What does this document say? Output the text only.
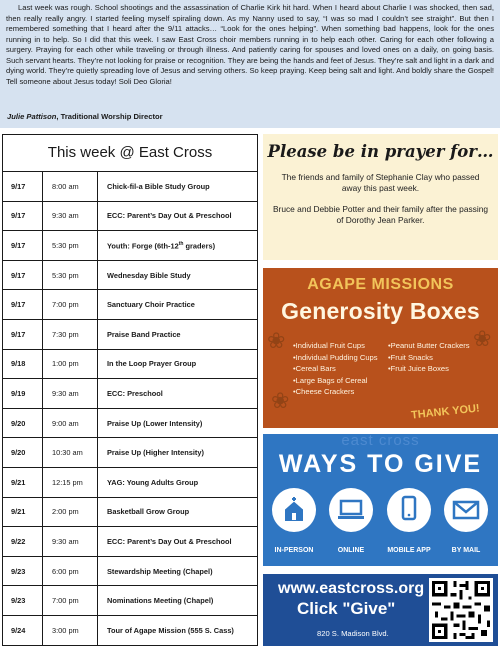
Last week was rough. School shootings and the assassination of Charlie Kirk hit hard. When I heard about Charlie I was shocked, then sad, then really really angry. I started feeling myself spiraling down. As my Nanny used to say, “I was so mad I couldn’t see straight”. But then I remembered something that I heard after the 9/11 attacks… “Look for the ones helping”. When something bad happens, look for the ones running in to help. So I did that this week. I saw East Cross choir members running in to help each other. Caring for each other following a surgery. Praying for each other while traveling or through illness. And patiently caring for spouses and loved ones on a daily, on going basis. Such servant hearts. They’re not looking for praise or recognition. They are being the hands and feet of Jesus. They’re salt and light in a dark and dying world. They’re quietly spreading love of Jesus and serving others. So keep praying. Keep being salt and light. And boldly share the Gospel! Tell someone about Jesus today! Soli Deo Gloria!

Julie Pattison, Traditional Worship Director
This week @ East Cross
9/17	8:00 am	Chick-fil-a Bible Study Group
9/17	9:30 am	ECC: Parent’s Day Out & Preschool
9/17	5:30 pm	Youth: Forge (6th-12th graders)
9/17	5:30 pm	Wednesday Bible Study
9/17	7:00 pm	Sanctuary Choir Practice
9/17	7:30 pm	Praise Band Practice
9/18	1:00 pm	In the Loop Prayer Group
9/19	9:30 am	ECC: Preschool
9/20	9:00 am	Praise Up (Lower Intensity)
9/20	10:30 am	Praise Up (Higher Intensity)
9/21	12:15 pm	YAG: Young Adults Group
9/21	2:00 pm	Basketball Grow Group
9/22	9:30 am	ECC: Parent’s Day Out & Preschool
9/23	6:00 pm	Stewardship Meeting (Chapel)
9/23	7:00 pm	Nominations Meeting (Chapel)
9/24	3:00 pm	Tour of Agape Mission (555 S. Cass)
Please be in prayer for…

The friends and family of Stephanie Clay who passed away this past week.

Bruce and Debbie Potter and their family after the passing of Dorothy Jean Parker.

❀	❀
❀
AGAPE MISSIONS
Generosity Boxes
• Individual Fruit Cups
• Individual Pudding Cups
• Cereal Bars
• Large Bags of Cereal
• Cheese Crackers
• Peanut Butter Crackers
• Fruit Snacks
• Fruit Juice Boxes
THANK YOU!
east cross
WAYS TO GIVE
IN-PERSON	ONLINE	MOBILE APP	BY MAIL
www.eastcross.org
Click "Give"
820 S. Madison Blvd.
